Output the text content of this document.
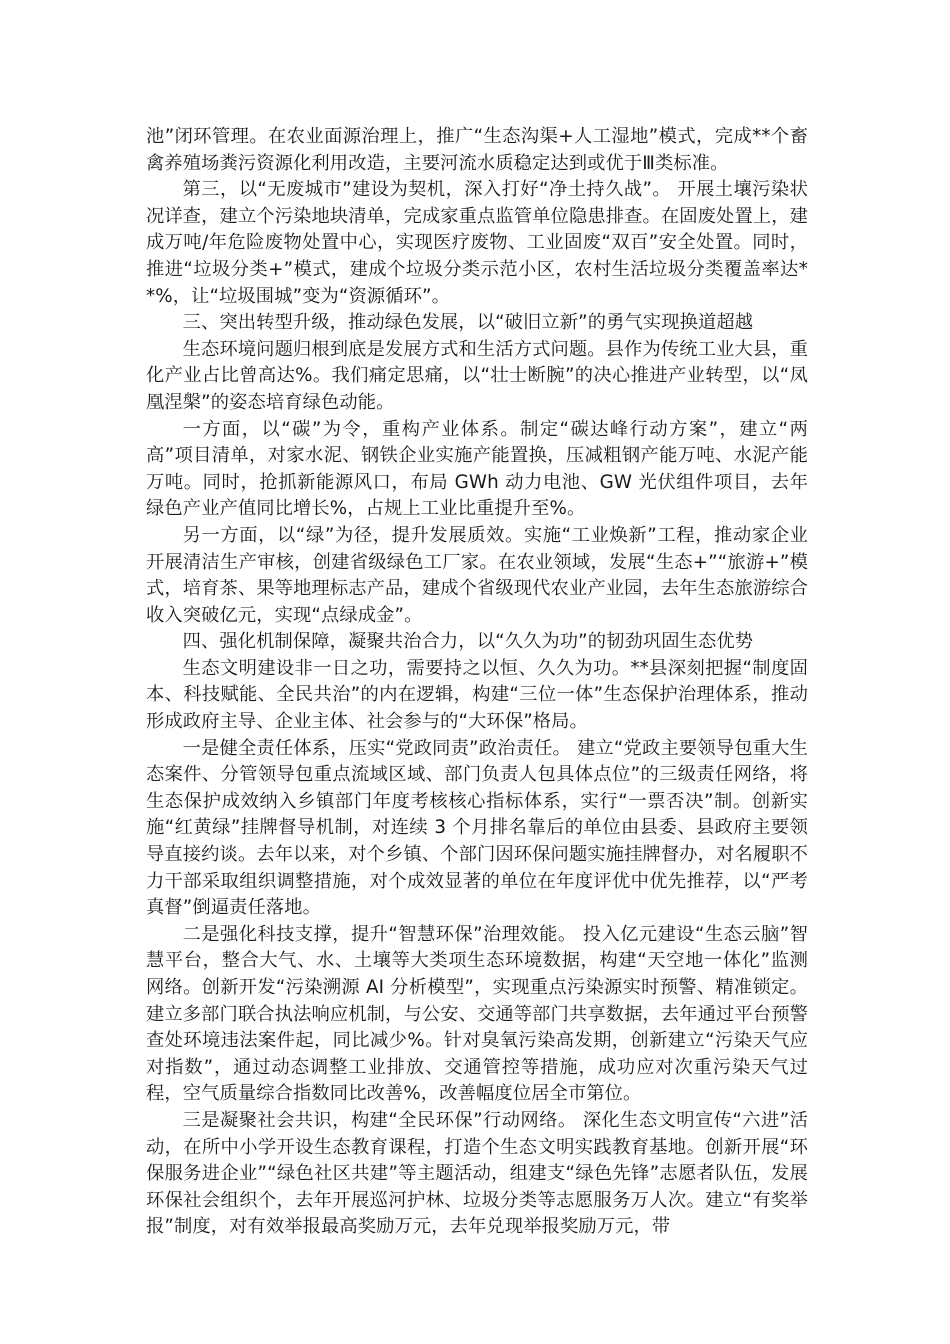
池”闭环管理。在农业面源治理上，推广“生态沟渠+人工湿地”模式，完成**个畜禽养殖场粪污资源化利用改造，主要河流水质稳定达到或优于Ⅲ类标准。

第三，以“无废城市”建设为契机，深入打好“净土持久战”。 开展土壤污染状况详查，建立个污染地块清单，完成家重点监管单位隐患排查。在固废处置上，建成万吨/年危险废物处置中心，实现医疗废物、工业固废“双百”安全处置。同时，推进“垃圾分类+”模式，建成个垃圾分类示范小区，农村生活垃圾分类覆盖率达**%，让“垃圾围城”变为“资源循环”。

三、突出转型升级，推动绿色发展，以“破旧立新”的勇气实现换道超越

生态环境问题归根到底是发展方式和生活方式问题。县作为传统工业大县，重化产业占比曾高达%。我们痛定思痛，以“壮士断腕”的决心推进产业转型，以“凤凰涅槃”的姿态培育绿色动能。

一方面，以“碳”为令，重构产业体系。制定“碳达峰行动方案”，建立“两高”项目清单，对家水泥、钢铁企业实施产能置换，压减粗钢产能万吨、水泥产能万吨。同时，抢抓新能源风口，布局 GWh 动力电池、GW 光伏组件项目，去年绿色产业产值同比增长%，占规上工业比重提升至%。

另一方面，以“绿”为径，提升发展质效。实施“工业焕新”工程，推动家企业开展清洁生产审核，创建省级绿色工厂家。在农业领域，发展“生态+”“旅游+”模式，培育茶、果等地理标志产品，建成个省级现代农业产业园，去年生态旅游综合收入突破亿元，实现“点绿成金”。

四、强化机制保障，凝聚共治合力，以“久久为功”的韧劲巩固生态优势

生态文明建设非一日之功，需要持之以恒、久久为功。**县深刻把握“制度固本、科技赋能、全民共治”的内在逻辑，构建“三位一体”生态保护治理体系，推动形成政府主导、企业主体、社会参与的“大环保”格局。

一是健全责任体系，压实“党政同责”政治责任。 建立“党政主要领导包重大生态案件、分管领导包重点流域区域、部门负责人包具体点位”的三级责任网络，将生态保护成效纳入乡镇部门年度考核核心指标体系，实行“一票否决”制。创新实施“红黄绿”挂牌督导机制，对连续 3 个月排名靠后的单位由县委、县政府主要领导直接约谈。去年以来，对个乡镇、个部门因环保问题实施挂牌督办，对名履职不力干部采取组织调整措施，对个成效显著的单位在年度评优中优先推荐，以“严考真督”倒逼责任落地。

二是强化科技支撑，提升“智慧环保”治理效能。 投入亿元建设“生态云脑”智慧平台，整合大气、水、土壤等大类项生态环境数据，构建“天空地一体化”监测网络。创新开发“污染溯源 AI 分析模型”，实现重点污染源实时预警、精准锁定。建立多部门联合执法响应机制，与公安、交通等部门共享数据，去年通过平台预警查处环境违法案件起，同比减少%。针对臭氧污染高发期，创新建立“污染天气应对指数”，通过动态调整工业排放、交通管控等措施，成功应对次重污染天气过程，空气质量综合指数同比改善%，改善幅度位居全市第位。

三是凝聚社会共识，构建“全民环保”行动网络。 深化生态文明宣传“六进”活动，在所中小学开设生态教育课程，打造个生态文明实践教育基地。创新开展“环保服务进企业”“绿色社区共建”等主题活动，组建支“绿色先锋”志愿者队伍，发展环保社会组织个，去年开展巡河护林、垃圾分类等志愿服务万人次。建立“有奖举报”制度，对有效举报最高奖励万元，去年兑现举报奖励万元，带
